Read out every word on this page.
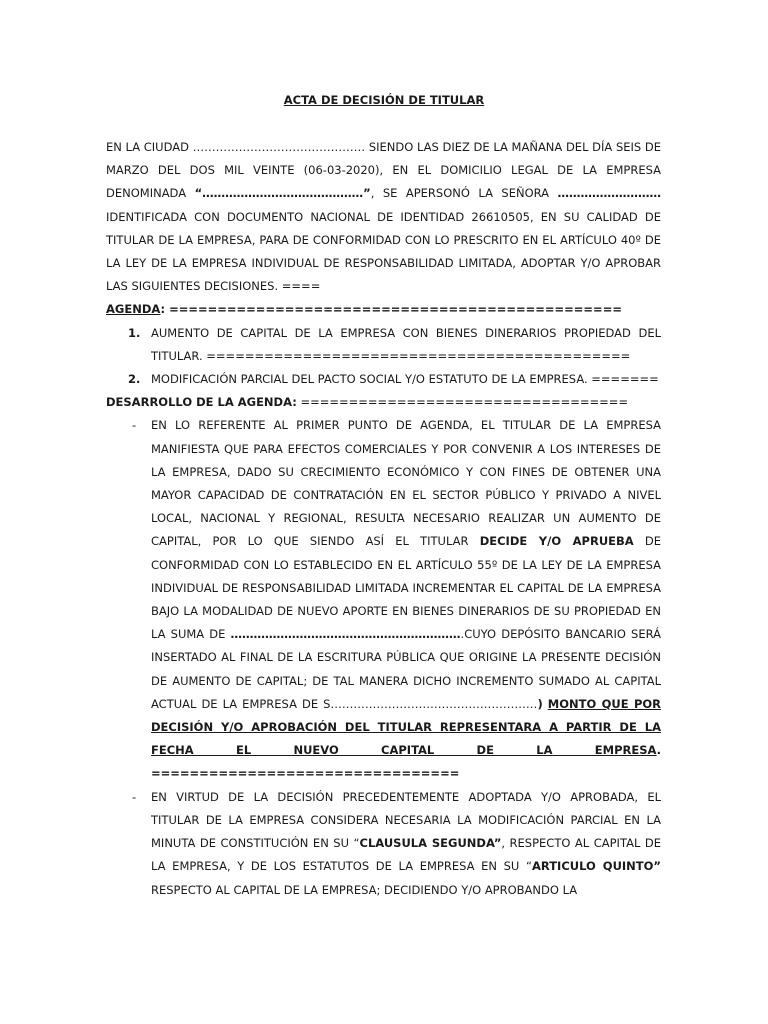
ACTA DE DECISIÓN DE TITULAR

EN LA CIUDAD ……………………………………… SIENDO LAS DIEZ DE LA MAÑANA DEL DÍA SEIS DE MARZO DEL DOS MIL VEINTE (06-03-2020), EN EL DOMICILIO LEGAL DE LA EMPRESA DENOMINADA “……………………………………”, SE APERSONÓ LA SEÑORA ……………………… IDENTIFICADA CON DOCUMENTO NACIONAL DE IDENTIDAD 26610505, EN SU CALIDAD DE TITULAR DE LA EMPRESA, PARA DE CONFORMIDAD CON LO PRESCRITO EN EL ARTÍCULO 40º DE LA LEY DE LA EMPRESA INDIVIDUAL DE RESPONSABILIDAD LIMITADA, ADOPTAR Y/O APROBAR LAS SIGUIENTES DECISIONES. ====

AGENDA: ===============================================

1. AUMENTO DE CAPITAL DE LA EMPRESA CON BIENES DINERARIOS PROPIEDAD DEL TITULAR. ============================================
2. MODIFICACIÓN PARCIAL DEL PACTO SOCIAL Y/O ESTATUTO DE LA EMPRESA. =======

DESARROLLO DE LA AGENDA: ==================================

- EN LO REFERENTE AL PRIMER PUNTO DE AGENDA, EL TITULAR DE LA EMPRESA MANIFIESTA QUE PARA EFECTOS COMERCIALES Y POR CONVENIR A LOS INTERESES DE LA EMPRESA, DADO SU CRECIMIENTO ECONÓMICO Y CON FINES DE OBTENER UNA MAYOR CAPACIDAD DE CONTRATACIÓN EN EL SECTOR PÚBLICO Y PRIVADO A NIVEL LOCAL, NACIONAL Y REGIONAL, RESULTA NECESARIO REALIZAR UN AUMENTO DE CAPITAL, POR LO QUE SIENDO ASÍ EL TITULAR DECIDE Y/O APRUEBA DE CONFORMIDAD CON LO ESTABLECIDO EN EL ARTÍCULO 55º DE LA LEY DE LA EMPRESA INDIVIDUAL DE RESPONSABILIDAD LIMITADA INCREMENTAR EL CAPITAL DE LA EMPRESA BAJO LA MODALIDAD DE NUEVO APORTE EN BIENES DINERARIOS DE SU PROPIEDAD EN LA SUMA DE …………………………………………………….CUYO DEPÓSITO BANCARIO SERÁ INSERTADO AL FINAL DE LA ESCRITURA PÚBLICA QUE ORIGINE LA PRESENTE DECISIÓN DE AUMENTO DE CAPITAL; DE TAL MANERA DICHO INCREMENTO SUMADO AL CAPITAL ACTUAL DE LA EMPRESA DE S………………………………………………) MONTO QUE POR DECISIÓN Y/O APROBACIÓN DEL TITULAR REPRESENTARA A PARTIR DE LA FECHA EL NUEVO CAPITAL DE LA EMPRESA. ================================
- EN VIRTUD DE LA DECISIÓN PRECEDENTEMENTE ADOPTADA Y/O APROBADA, EL TITULAR DE LA EMPRESA CONSIDERA NECESARIA LA MODIFICACIÓN PARCIAL EN LA MINUTA DE CONSTITUCIÓN EN SU “CLAUSULA SEGUNDA”, RESPECTO AL CAPITAL DE LA EMPRESA, Y DE LOS ESTATUTOS DE LA EMPRESA EN SU “ARTICULO QUINTO” RESPECTO AL CAPITAL DE LA EMPRESA; DECIDIENDO Y/O APROBANDO LA
